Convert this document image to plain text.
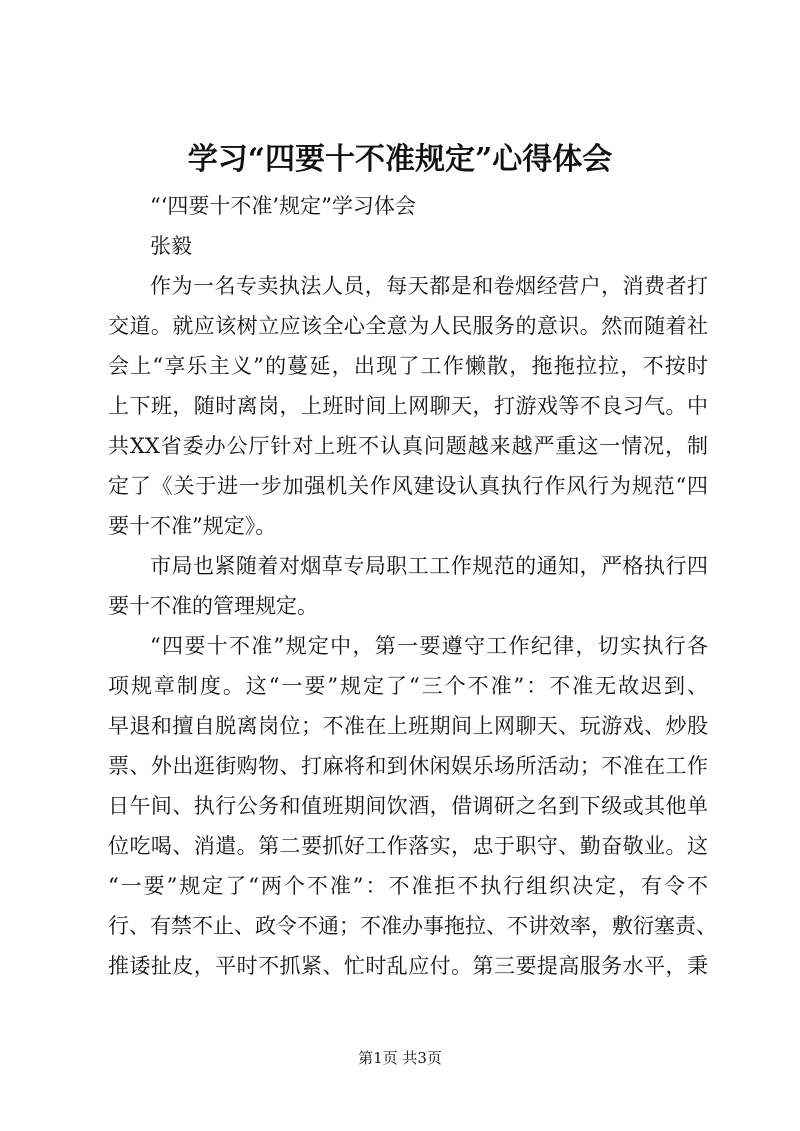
学习“四要十不准规定”心得体会
“‘四要十不准’规定”学习体会
张毅
作为一名专卖执法人员，每天都是和卷烟经营户，消费者打
交道。就应该树立应该全心全意为人民服务的意识。然而随着社
会上“享乐主义”的蔓延，出现了工作懒散，拖拖拉拉，不按时
上下班，随时离岗，上班时间上网聊天，打游戏等不良习气。中
共XX省委办公厅针对上班不认真问题越来越严重这一情况，制
定了《关于进一步加强机关作风建设认真执行作风行为规范“四
要十不准”规定》。
市局也紧随着对烟草专局职工工作规范的通知，严格执行四
要十不准的管理规定。
“四要十不准”规定中，第一要遵守工作纪律，切实执行各
项规章制度。这“一要”规定了“三个不准”：不准无故迟到、
早退和擅自脱离岗位；不准在上班期间上网聊天、玩游戏、炒股
票、外出逛街购物、打麻将和到休闲娱乐场所活动；不准在工作
日午间、执行公务和值班期间饮酒，借调研之名到下级或其他单
位吃喝、消遣。第二要抓好工作落实，忠于职守、勤奋敬业。这
“一要”规定了“两个不准”：不准拒不执行组织决定，有令不
行、有禁不止、政令不通；不准办事拖拉、不讲效率，敷衍塞责、
推诿扯皮，平时不抓紧、忙时乱应付。第三要提高服务水平，秉
第1页 共3页
